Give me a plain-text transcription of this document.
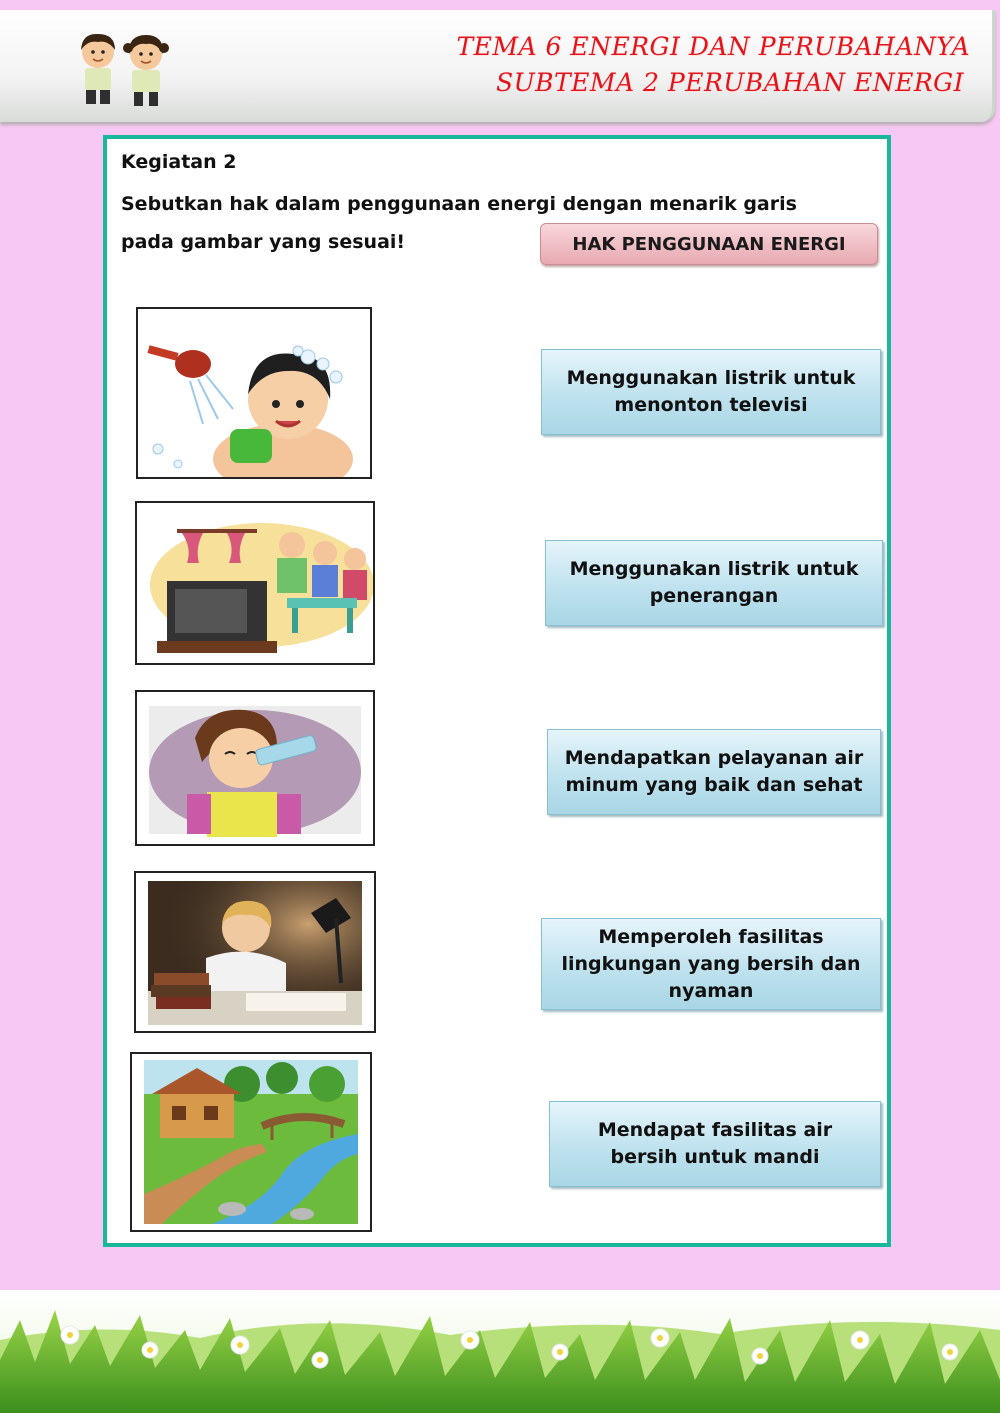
TEMA 6 ENERGI DAN PERUBAHANYA
SUBTEMA 2 PERUBAHAN ENERGI
Kegiatan 2
Sebutkan hak dalam penggunaan energi dengan menarik garis pada gambar yang sesuai!	HAK PENGGUNAAN ENERGI
Menggunakan listrik untuk menonton televisi
Menggunakan listrik untuk penerangan
Mendapatkan pelayanan air minum yang baik dan sehat
Memperoleh fasilitas lingkungan yang bersih dan nyaman
Mendapat fasilitas air bersih untuk mandi
